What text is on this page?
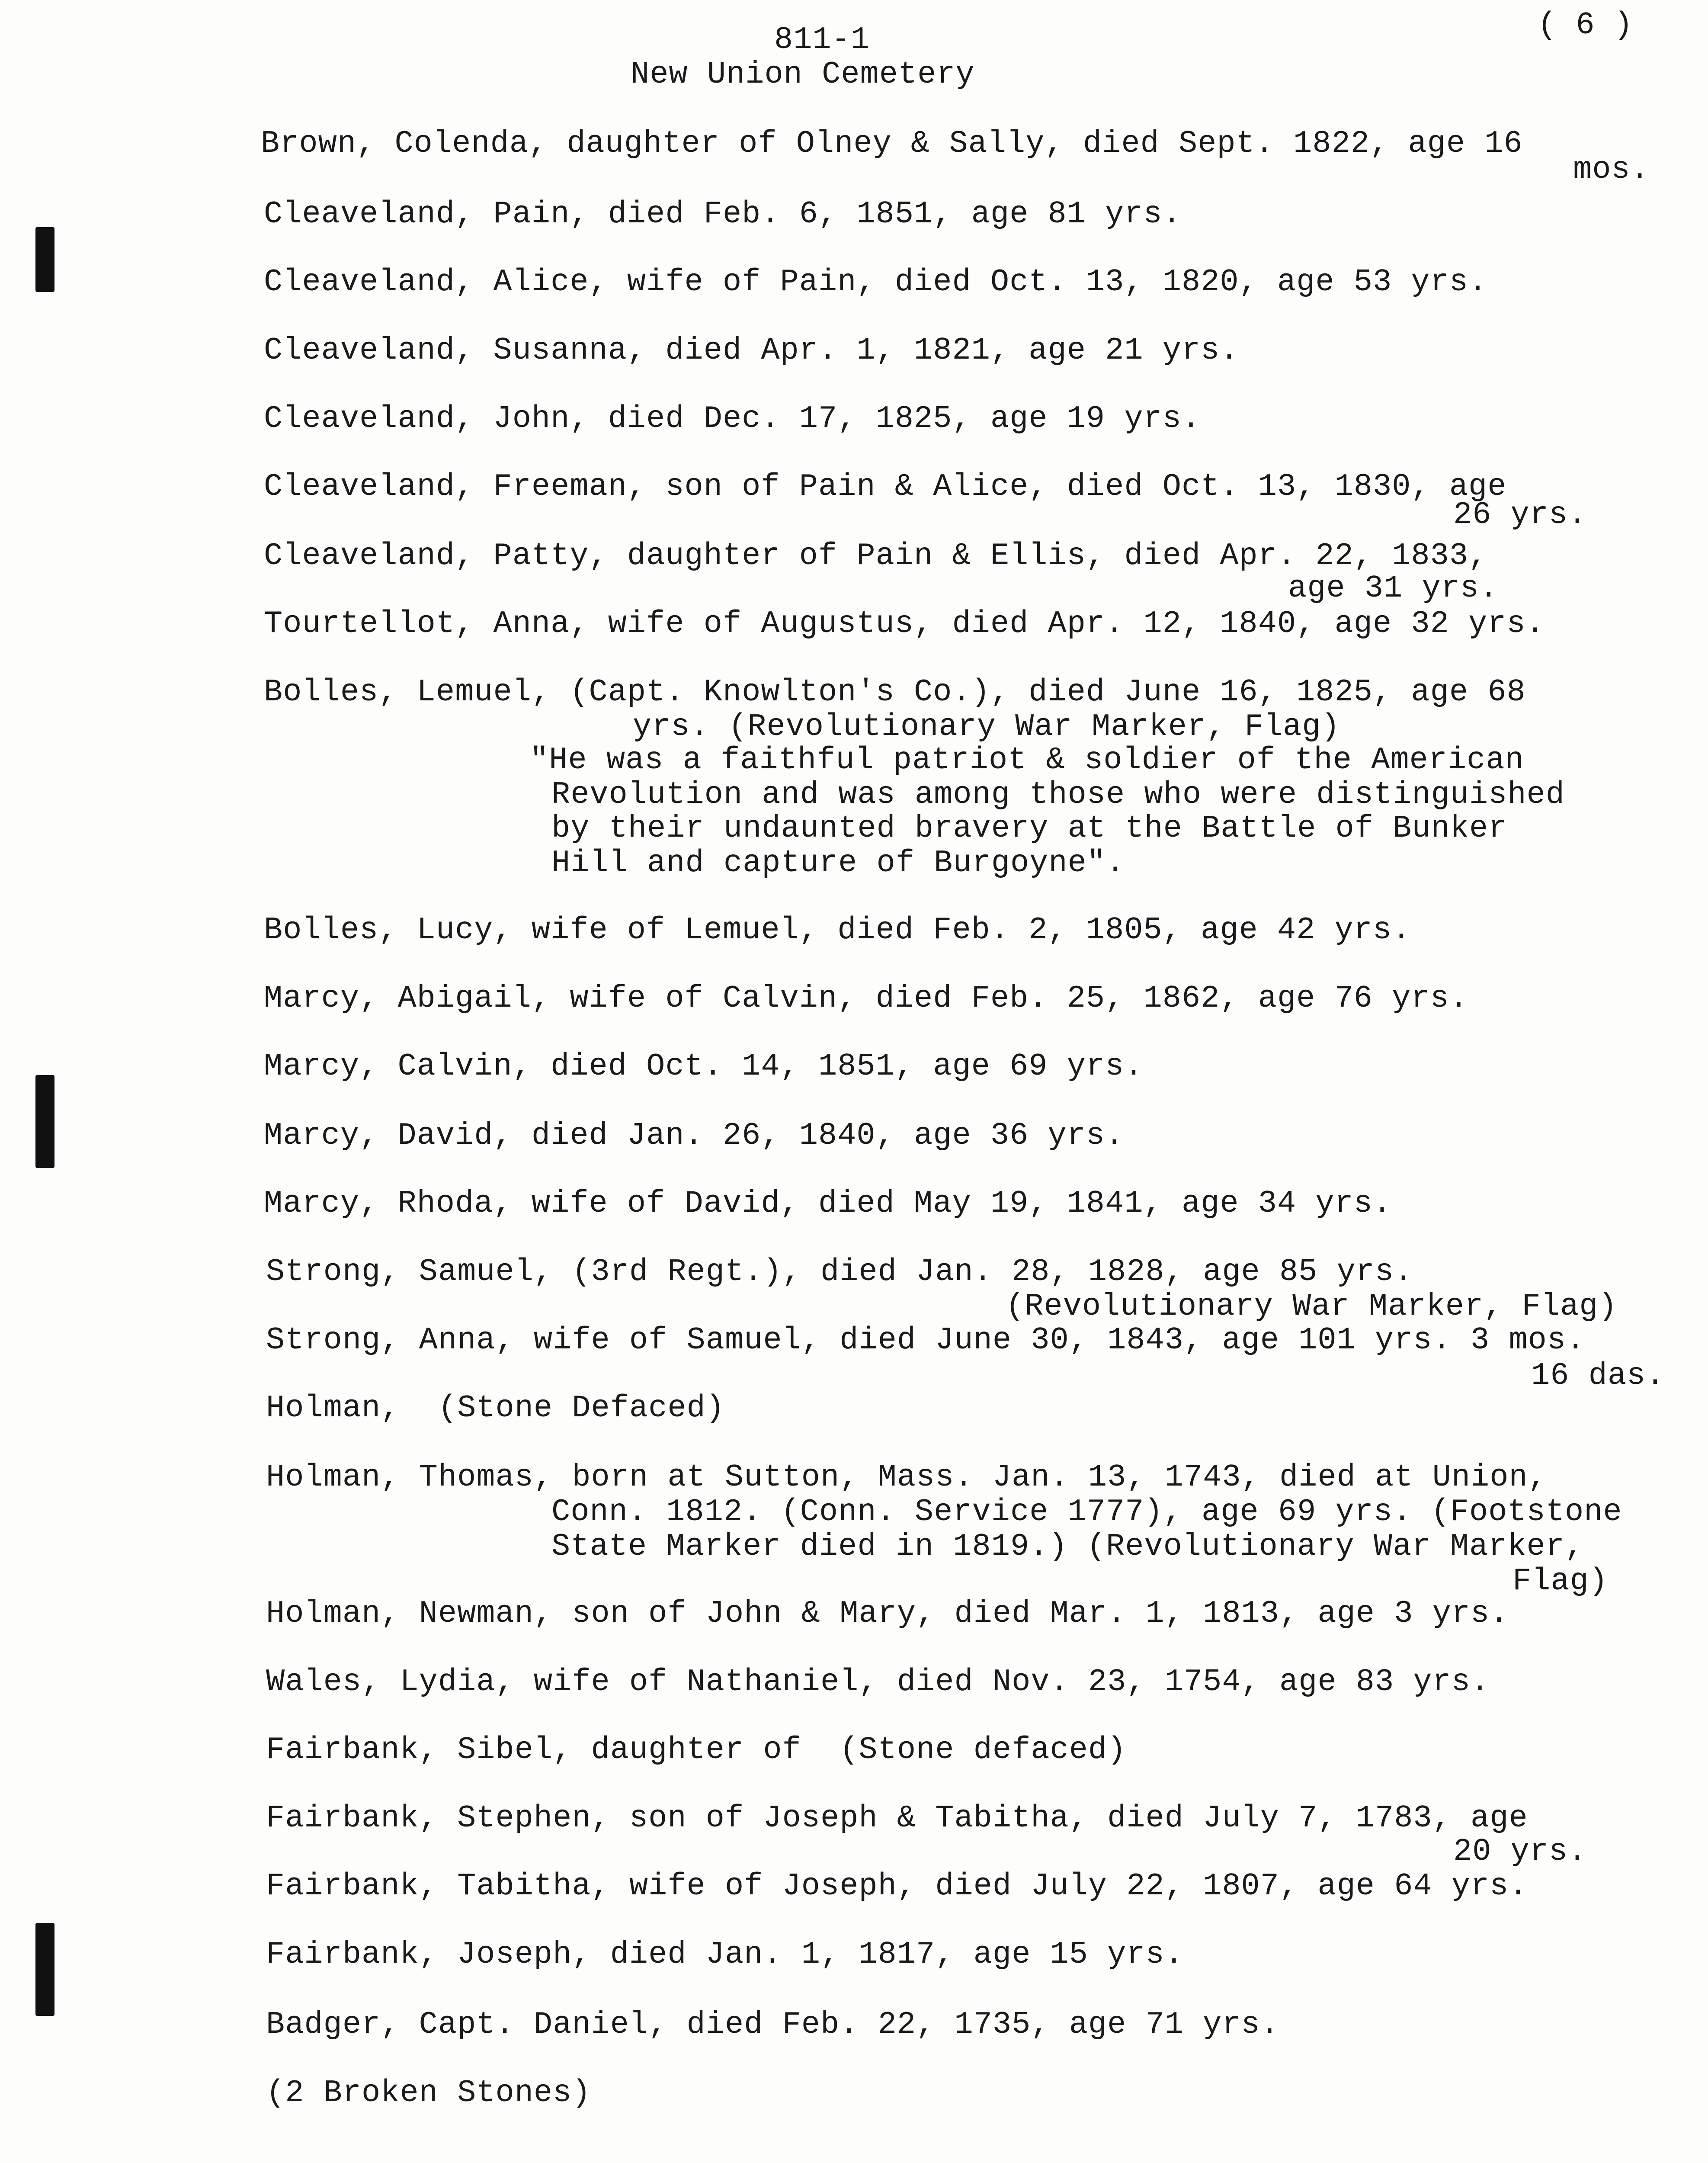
811-1
New Union Cemetery
( 6 )
Brown, Colenda, daughter of Olney & Sally, died Sept. 1822, age 16
mos.
Cleaveland, Pain, died Feb. 6, 1851, age 81 yrs.
Cleaveland, Alice, wife of Pain, died Oct. 13, 1820, age 53 yrs.
Cleaveland, Susanna, died Apr. 1, 1821, age 21 yrs.
Cleaveland, John, died Dec. 17, 1825, age 19 yrs.
Cleaveland, Freeman, son of Pain & Alice, died Oct. 13, 1830, age
26 yrs.
Cleaveland, Patty, daughter of Pain & Ellis, died Apr. 22, 1833,
age 31 yrs.
Tourtellot, Anna, wife of Augustus, died Apr. 12, 1840, age 32 yrs.
Bolles, Lemuel, (Capt. Knowlton's Co.), died June 16, 1825, age 68
yrs. (Revolutionary War Marker, Flag)
"He was a faithful patriot & soldier of the American
Revolution and was among those who were distinguished
by their undaunted bravery at the Battle of Bunker
Hill and capture of Burgoyne".
Bolles, Lucy, wife of Lemuel, died Feb. 2, 1805, age 42 yrs.
Marcy, Abigail, wife of Calvin, died Feb. 25, 1862, age 76 yrs.
Marcy, Calvin, died Oct. 14, 1851, age 69 yrs.
Marcy, David, died Jan. 26, 1840, age 36 yrs.
Marcy, Rhoda, wife of David, died May 19, 1841, age 34 yrs.
Strong, Samuel, (3rd Regt.), died Jan. 28, 1828, age 85 yrs.
(Revolutionary War Marker, Flag)
Strong, Anna, wife of Samuel, died June 30, 1843, age 101 yrs. 3 mos.
16 das.
Holman,  (Stone Defaced)
Holman, Thomas, born at Sutton, Mass. Jan. 13, 1743, died at Union,
Conn. 1812. (Conn. Service 1777), age 69 yrs. (Footstone
State Marker died in 1819.) (Revolutionary War Marker,
Flag)
Holman, Newman, son of John & Mary, died Mar. 1, 1813, age 3 yrs.
Wales, Lydia, wife of Nathaniel, died Nov. 23, 1754, age 83 yrs.
Fairbank, Sibel, daughter of  (Stone defaced)
Fairbank, Stephen, son of Joseph & Tabitha, died July 7, 1783, age
20 yrs.
Fairbank, Tabitha, wife of Joseph, died July 22, 1807, age 64 yrs.
Fairbank, Joseph, died Jan. 1, 1817, age 15 yrs.
Badger, Capt. Daniel, died Feb. 22, 1735, age 71 yrs.
(2 Broken Stones)
